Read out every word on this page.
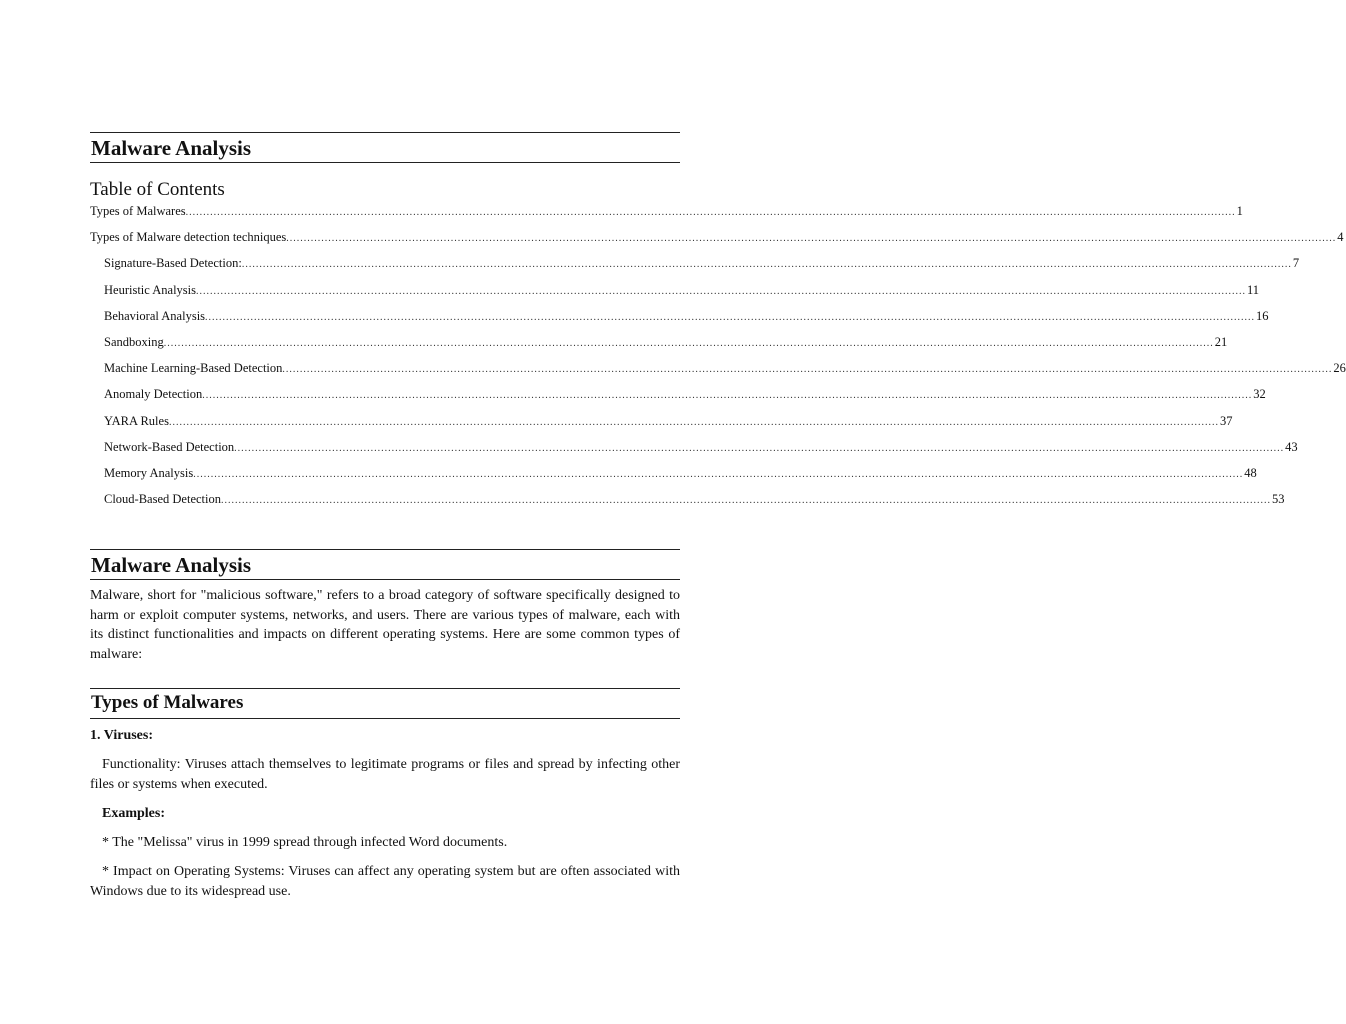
Malware Analysis
Table of Contents
Types of Malwares ............................................................................................................................................................................................................................................................................................................ 1
Types of Malware detection techniques ............................................................................................................................................................................................................................................................................................................ 4
Signature-Based Detection: ............................................................................................................................................................................................................................................................................................................ 7
Heuristic Analysis ............................................................................................................................................................................................................................................................................................................ 11
Behavioral Analysis ............................................................................................................................................................................................................................................................................................................ 16
Sandboxing ............................................................................................................................................................................................................................................................................................................ 21
Machine Learning-Based Detection ............................................................................................................................................................................................................................................................................................................ 26
Anomaly Detection ............................................................................................................................................................................................................................................................................................................ 32
YARA Rules ............................................................................................................................................................................................................................................................................................................ 37
Network-Based Detection ............................................................................................................................................................................................................................................................................................................ 43
Memory Analysis ............................................................................................................................................................................................................................................................................................................ 48
Cloud-Based Detection ............................................................................................................................................................................................................................................................................................................ 53
Malware Analysis

Malware, short for "malicious software," refers to a broad category of software specifically designed to harm or exploit computer systems, networks, and users. There are various types of malware, each with its distinct functionalities and impacts on different operating systems. Here are some common types of malware:

Types of Malwares

1. Viruses:

Functionality: Viruses attach themselves to legitimate programs or files and spread by infecting other files or systems when executed.

Examples:

* The "Melissa" virus in 1999 spread through infected Word documents.

* Impact on Operating Systems: Viruses can affect any operating system but are often associated with Windows due to its widespread use.
